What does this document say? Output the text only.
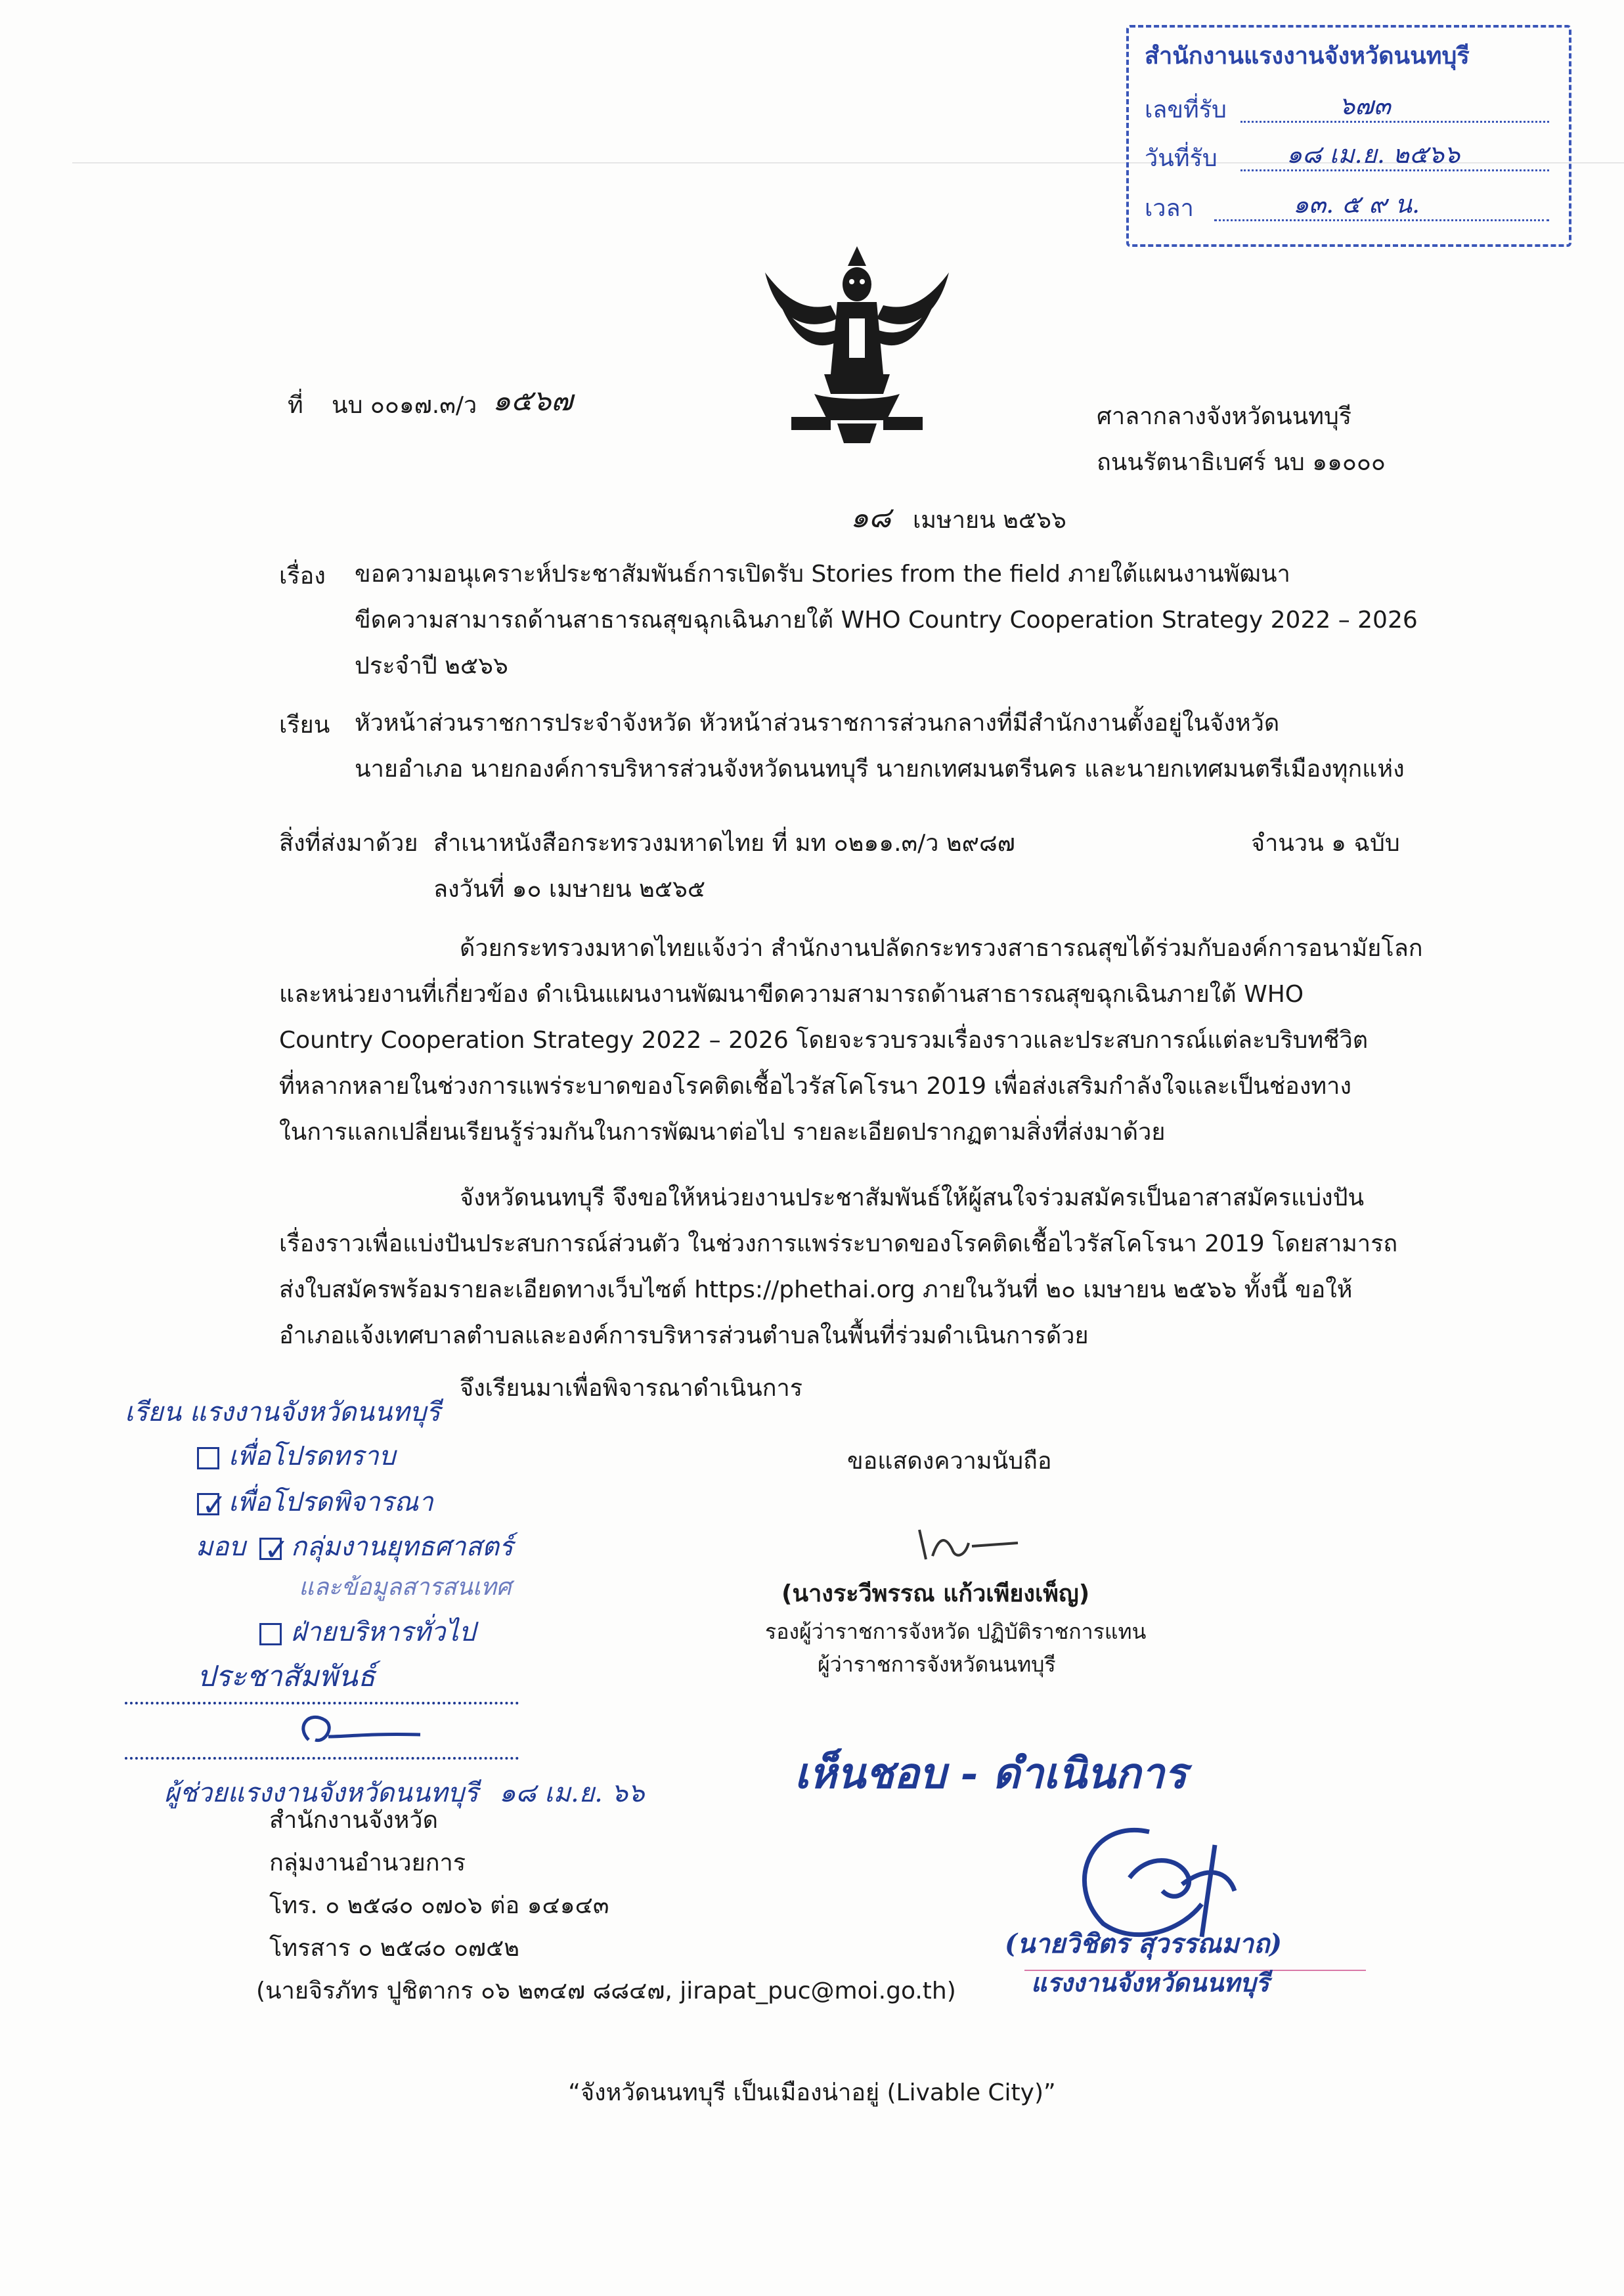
สำนักงานแรงงานจังหวัดนนทบุรี
เลขที่รับ	๖๗๓
วันที่รับ	๑๘ เม.ย. ๒๕๖๖
เวลา	๑๓. ๕ ๙ น.
ที่ นบ ๐๐๑๗.๓/ว ๑๕๖๗	ศาลากลางจังหวัดนนทบุรี
ถนนรัตนาธิเบศร์ นบ ๑๑๐๐๐
๑๘ เมษายน ๒๕๖๖
เรื่อง ขอความอนุเคราะห์ประชาสัมพันธ์การเปิดรับ Stories from the field ภายใต้แผนงานพัฒนา
ขีดความสามารถด้านสาธารณสุขฉุกเฉินภายใต้ WHO Country Cooperation Strategy 2022 – 2026
ประจำปี ๒๕๖๖
เรียน หัวหน้าส่วนราชการประจำจังหวัด หัวหน้าส่วนราชการส่วนกลางที่มีสำนักงานตั้งอยู่ในจังหวัด
นายอำเภอ นายกองค์การบริหารส่วนจังหวัดนนทบุรี นายกเทศมนตรีนคร และนายกเทศมนตรีเมืองทุกแห่ง
สิ่งที่ส่งมาด้วย สำเนาหนังสือกระทรวงมหาดไทย ที่ มท ๐๒๑๑.๓/ว ๒๙๘๗	จำนวน ๑ ฉบับ
ลงวันที่ ๑๐ เมษายน ๒๕๖๕
ด้วยกระทรวงมหาดไทยแจ้งว่า สำนักงานปลัดกระทรวงสาธารณสุขได้ร่วมกับองค์การอนามัยโลก
และหน่วยงานที่เกี่ยวข้อง ดำเนินแผนงานพัฒนาขีดความสามารถด้านสาธารณสุขฉุกเฉินภายใต้ WHO
Country Cooperation Strategy 2022 – 2026 โดยจะรวบรวมเรื่องราวและประสบการณ์แต่ละบริบทชีวิต
ที่หลากหลายในช่วงการแพร่ระบาดของโรคติดเชื้อไวรัสโคโรนา 2019 เพื่อส่งเสริมกำลังใจและเป็นช่องทาง
ในการแลกเปลี่ยนเรียนรู้ร่วมกันในการพัฒนาต่อไป รายละเอียดปรากฏตามสิ่งที่ส่งมาด้วย
จังหวัดนนทบุรี จึงขอให้หน่วยงานประชาสัมพันธ์ให้ผู้สนใจร่วมสมัครเป็นอาสาสมัครแบ่งปัน
เรื่องราวเพื่อแบ่งปันประสบการณ์ส่วนตัว ในช่วงการแพร่ระบาดของโรคติดเชื้อไวรัสโคโรนา 2019 โดยสามารถ
ส่งใบสมัครพร้อมรายละเอียดทางเว็บไซต์ https://phethai.org ภายในวันที่ ๒๐ เมษายน ๒๕๖๖ ทั้งนี้ ขอให้
อำเภอแจ้งเทศบาลตำบลและองค์การบริหารส่วนตำบลในพื้นที่ร่วมดำเนินการด้วย
จึงเรียนมาเพื่อพิจารณาดำเนินการ
เรียน แรงงานจังหวัดนนทบุรี
เพื่อโปรดทราบ
✓ เพื่อโปรดพิจารณา
มอบ ✓ กลุ่มงานยุทธศาสตร์
และข้อมูลสารสนเทศ
ฝ่ายบริหารทั่วไป
ประชาสัมพันธ์
ผู้ช่วยแรงงานจังหวัดนนทบุรี ๑๘ เม.ย. ๖๖
ขอแสดงความนับถือ
(นางระวีพรรณ แก้วเพียงเพ็ญ)
รองผู้ว่าราชการจังหวัด ปฏิบัติราชการแทน
ผู้ว่าราชการจังหวัดนนทบุรี
เห็นชอบ - ดำเนินการ
(นายวิชิตร สุวรรณมาถ)
แรงงานจังหวัดนนทบุรี
สำนักงานจังหวัด
กลุ่มงานอำนวยการ
โทร. ๐ ๒๕๘๐ ๐๗๐๖ ต่อ ๑๔๑๔๓
โทรสาร ๐ ๒๕๘๐ ๐๗๕๒
(นายจิรภัทร ปูชิตากร ๐๖ ๒๓๔๗ ๘๘๔๗, jirapat_puc@moi.go.th)
“จังหวัดนนทบุรี เป็นเมืองน่าอยู่ (Livable City)”
